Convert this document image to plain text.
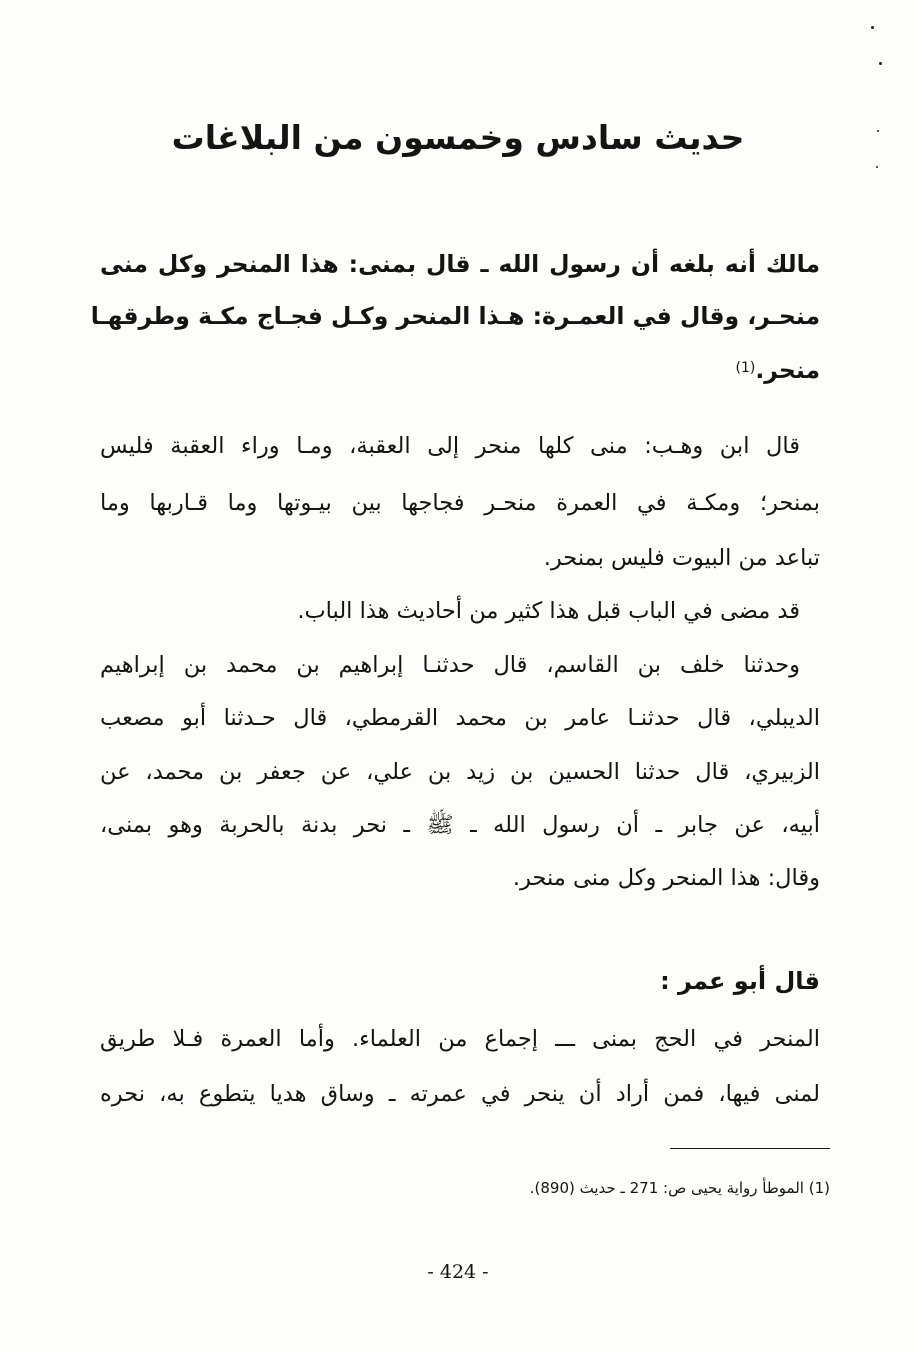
حديث سادس وخمسون من البلاغات
مالك أنه بلغه أن رسول الله ـ قال بمنى: هذا المنحر وكل منى
منحـر، وقال في العمـرة: هـذا المنحر وكـل فجـاج مكـة وطرقهـا
منحر.$^{(1)}$
قال ابن وهـب: منى كلها منحر إلى العقبة، ومـا وراء العقبة فليس
بمنحر؛ ومكـة في العمرة منحـر فجاجها بين بيـوتها وما قـاربها وما
تباعد من البيوت فليس بمنحر.
قد مضى في الباب قبل هذا كثير من أحاديث هذا الباب.
وحدثنا خلف بن القاسم، قال حدثنـا إبراهيم بن محمد بن إبراهيم
الديبلي، قال حدثنـا عامر بن محمد القرمطي، قال حـدثنا أبو مصعب
الزبيري، قال حدثنا الحسين بن زيد بن علي، عن جعفر بن محمد، عن
أبيه، عن جابر ـ أن رسول الله ـ ﷺ ـ نحر بدنة بالحربة وهو بمنى،
وقال: هذا المنحر وكل منى منحر.
قال أبو عمر :
المنحر في الحج بمنى ـــ إجماع من العلماء. وأما العمرة فـلا طريق
لمنى فيها، فمن أراد أن ينحر في عمرته ـ وساق هديا يتطوع به، نحره
(1) الموطأ رواية يحيى ص: 271 ـ حديث (890).
- 424 -
